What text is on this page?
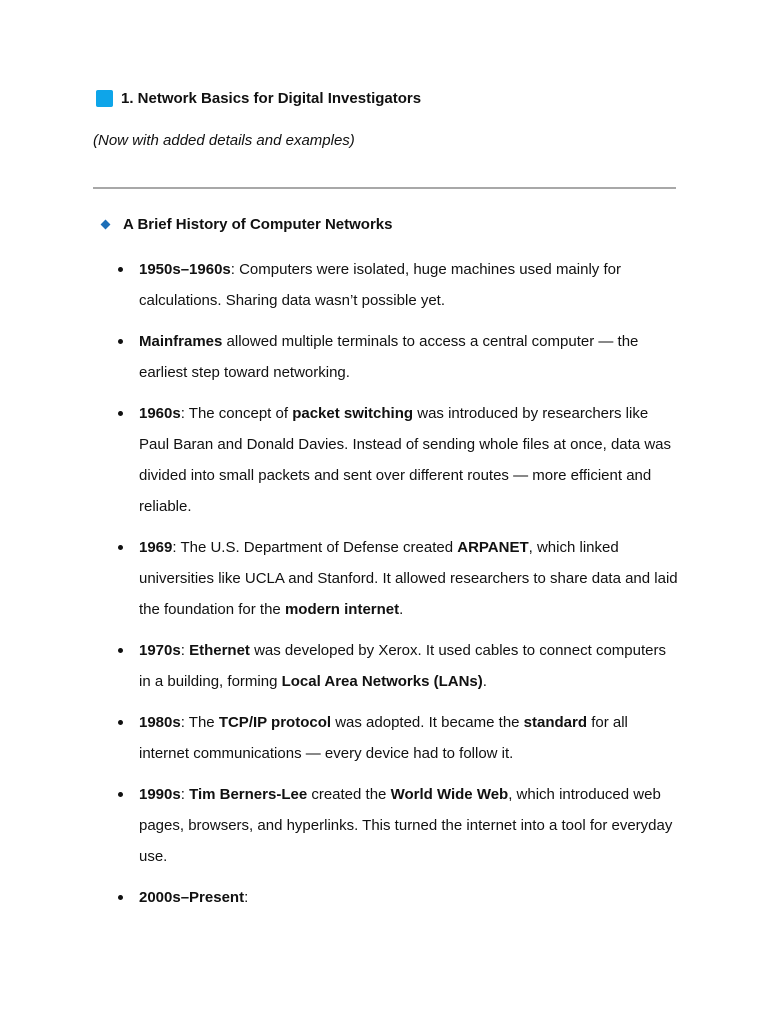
1. Network Basics for Digital Investigators
(Now with added details and examples)
A Brief History of Computer Networks
1950s–1960s: Computers were isolated, huge machines used mainly for calculations. Sharing data wasn’t possible yet.
Mainframes allowed multiple terminals to access a central computer — the earliest step toward networking.
1960s: The concept of packet switching was introduced by researchers like Paul Baran and Donald Davies. Instead of sending whole files at once, data was divided into small packets and sent over different routes — more efficient and reliable.
1969: The U.S. Department of Defense created ARPANET, which linked universities like UCLA and Stanford. It allowed researchers to share data and laid the foundation for the modern internet.
1970s: Ethernet was developed by Xerox. It used cables to connect computers in a building, forming Local Area Networks (LANs).
1980s: The TCP/IP protocol was adopted. It became the standard for all internet communications — every device had to follow it.
1990s: Tim Berners-Lee created the World Wide Web, which introduced web pages, browsers, and hyperlinks. This turned the internet into a tool for everyday use.
2000s–Present:
